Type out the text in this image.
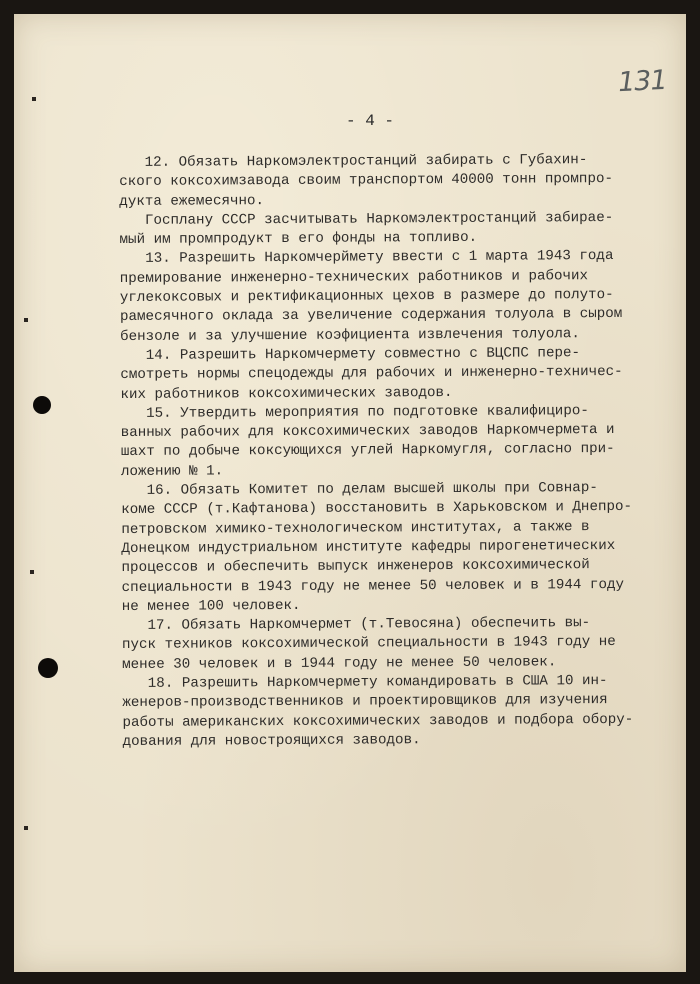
131
- 4 -
12. Обязать Наркомэлектростанций забирать с Губахин-
ского коксохимзавода своим транспортом 40000 тонн промпро-
дукта ежемесячно.
Госплану СССР засчитывать Наркомэлектростанций забирае-
мый им промпродукт в его фонды на топливо.
13. Разрешить Наркомчерймету ввести с 1 марта 1943 года
премирование инженерно-технических работников и рабочих
углекоксовых и ректификационных цехов в размере до полуто-
рамесячного оклада за увеличение содержания толуола в сыром
бензоле и за улучшение коэфициента извлечения толуола.
14. Разрешить Наркомчермету совместно с ВЦСПС пере-
смотреть нормы спецодежды для рабочих и инженерно-техничес-
ких работников коксохимических заводов.
15. Утвердить мероприятия по подготовке квалифициро-
ванных рабочих для коксохимических заводов Наркомчермета и
шахт по добыче коксующихся углей Наркомугля, согласно при-
ложению № 1.
16. Обязать Комитет по делам высшей школы при Совнар-
коме СССР (т.Кафтанова) восстановить в Харьковском и Днепро-
петровском химико-технологическом институтах, а также в
Донецком индустриальном институте кафедры пирогенетических
процессов и обеспечить выпуск инженеров коксохимической
специальности в 1943 году не менее 50 человек и в 1944 году
не менее 100 человек.
17. Обязать Наркомчермет (т.Тевосяна) обеспечить вы-
пуск техников коксохимической специальности в 1943 году не
менее 30 человек и в 1944 году не менее 50 человек.
18. Разрешить Наркомчермету командировать в США 10 ин-
женеров-производственников и проектировщиков для изучения
работы американских коксохимических заводов и подбора обору-
дования для новостроящихся заводов.
